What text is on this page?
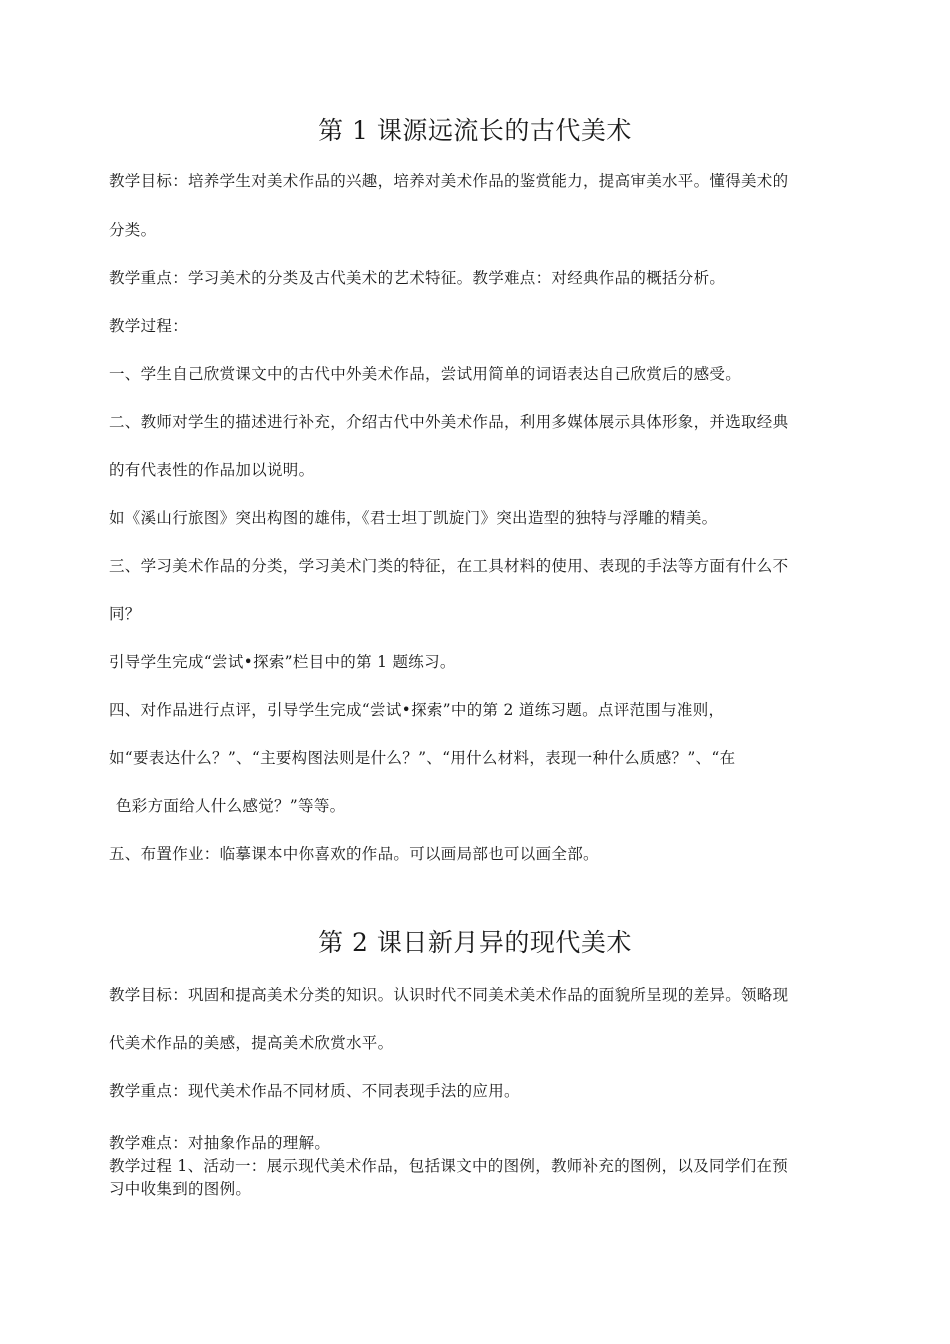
第 1 课源远流长的古代美术
教学目标：培养学生对美术作品的兴趣，培养对美术作品的鉴赏能力，提高审美水平。懂得美术的
分类。
教学重点：学习美术的分类及古代美术的艺术特征。教学难点：对经典作品的概括分析。
教学过程：
一、学生自己欣赏课文中的古代中外美术作品，尝试用简单的词语表达自己欣赏后的感受。
二、教师对学生的描述进行补充，介绍古代中外美术作品，利用多媒体展示具体形象，并选取经典
的有代表性的作品加以说明。
如《溪山行旅图》突出构图的雄伟，《君士坦丁凯旋门》突出造型的独特与浮雕的精美。
三、学习美术作品的分类，学习美术门类的特征，在工具材料的使用、表现的手法等方面有什么不
同？
引导学生完成“尝试•探索”栏目中的第 1 题练习。
四、对作品进行点评，引导学生完成“尝试•探索”中的第 2 道练习题。点评范围与准则，
如“要表达什么？”、“主要构图法则是什么？”、“用什么材料，表现一种什么质感？”、“在
色彩方面给人什么感觉？”等等。
五、布置作业：临摹课本中你喜欢的作品。可以画局部也可以画全部。
第 2 课日新月异的现代美术
教学目标：巩固和提高美术分类的知识。认识时代不同美术美术作品的面貌所呈现的差异。领略现
代美术作品的美感，提高美术欣赏水平。
教学重点：现代美术作品不同材质、不同表现手法的应用。
教学难点：对抽象作品的理解。
教学过程 1、活动一：展示现代美术作品，包括课文中的图例，教师补充的图例，以及同学们在预
习中收集到的图例。
